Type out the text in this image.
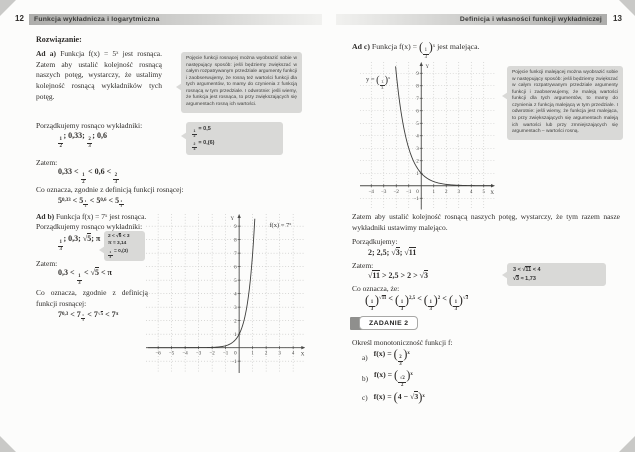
12	Funkcja wykładnicza i logarytmiczna
Rozwiązanie:
Ad a) Funkcja f(x) = 5x jest rosnąca. Zatem aby ustalić kolejność rosnącą naszych potęg, wystarczy, że ustalimy kolejność rosnącą wykładników tych potęg.
Pojęcie funkcji rosnącej można wyobrazić sobie w następujący sposób: jeśli będziemy zwiększać w całym rozpatrywanym przedziale argumenty funkcji i zaobserwujemy, że rosną też wartości funkcji dla tych argumentów, to mamy do czynienia z funkcją rosnącą w tym przedziale. I odwrotnie: jeśli wiemy, że funkcja jest rosnąca, to przy zwiększających się argumentach rosną ich wartości.
Porządkujemy rosnąco wykładniki:
$\frac{1}{2}$
; 0,33;
$\frac{2}{3}$
; 0,6	$\frac{1}{2}$
= 0,5
$\frac{2}{3}$
= 0,(6)
Zatem:
0,33 <
$\frac{1}{2}$
< 0,6 <
$\frac{2}{3}$
Co oznacza, zgodnie z definicją funkcji rosnącej:
$50,33 < 5 \frac{1}{2} < 50,6 < 5 \frac{2}{3}$
Ad b) Funkcja f(x) = 7x jest rosnąca.
Porządkujemy rosnąco wykładniki:
$\frac{1}{3}$
; 0,3; √5; π 2 < √5 < 3
π ≈ 3,14
$\frac{1}{3} = 0,(3)$
Zatem:
0,3 <
$\frac{1}{3}$
< √5 < π
Co oznacza, zgodnie z definicją funkcji rosnącej:
$70,3 < 7 \frac{1}{3} < 7√5 < 7\pi$
−6 −5 −4 −3 −2 −1	1 2 3 4
−1
1
2
3
4
5
6
7
8
9
0	X
Y
f(x) = 7x
Definicja i własności funkcji wykładniczej	13
Ad c) Funkcja f(x) = ( $\frac{1}{3} )x$ jest malejąca.
−4 −3 −2 −1	1 2 3 4 5
−1
1
2
3
4
5
6
7
8
9
0	X
Y
y = ( $\frac{1}{3} )x$
Pojęcie funkcji malejącej można wyobrazić sobie w następujący sposób: jeśli będziemy zwiększać w całym rozpatrywanym przedziale argumenty funkcji i zaobserwujemy, że maleją wartości funkcji dla tych argumentów, to mamy do czynienia z funkcją malejącą w tym przedziale. I odwrotnie: jeśli wiemy, że funkcja jest malejąca, to przy zwiększających się argumentach maleją ich wartości lub przy zmniejszających się argumentach – wartości rosną.
Zatem aby ustalić kolejność rosnącą naszych potęg, wystarczy, że tym razem nasze wykładniki ustawimy malejąco.
Porządkujemy:
2; 2,5; √3; √11
Zatem:
√11 > 2,5 > 2 > √3
3 < √11 < 4
√3 ≈ 1,73
Co oznacza, że:
(
$\frac{1}{3}$
)√11 < (
$\frac{1}{3}$
)2,5 < (
$\frac{1}{3}$
)2 < (
$\frac{1}{3}$
)√3
ZADANIE 2
Określ monotoniczność funkcji f:
a)
f(x) = ( $\frac{2}{3} )x$
b)
f(x) = ( $\frac{√2}{2} )x$
c) f(x) = (4 − √3)x
